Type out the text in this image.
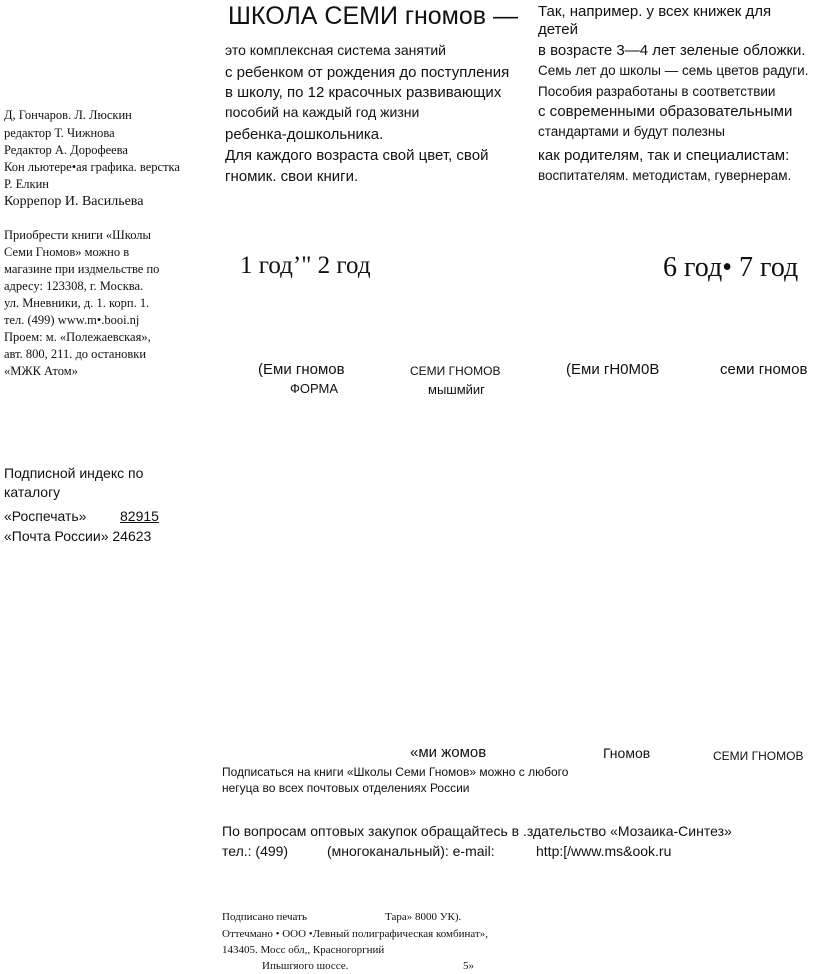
Д, Гончаров. Л. Люскин
редактор Т. Чижнова
Редактор А. Дорофеева
Кон льютере•ая графика. верстка
Р. Елкин
Коррепор И. Васильева
Приобрести книги «Школы
Семи Гномов» можно в
магазине при издмельстве по
адресу: 123308, г. Москва.
ул. Мневники, д. 1. корп. 1.
тел. (499) www.m•.booi.nj
Проем: м. «Полежаевская»,
авт. 800, 211. до остановки
«МЖК Атом»
ШКОЛА СЕМИ гномов —
это комплексная система занятий
с ребенком от рождения до поступления
в школу, по 12 красочных развивающих
пособий на каждый год жизни
ребенка-дошкольника.
Для каждого возраста свой цвет, свой
гномик. свои книги.
Так, например. у всех книжек для
детей
в возрасте 3—4 лет зеленые обложки.
Семь лет до школы — семь цветов радуги.
Пособия разработаны в соответствии
с современными образовательными
стандартами и будут полезны
как родителям, так и специалистам:
воспитателям. методистам, гувернерам.
1 год’" 2 год	6 год• 7 год
(Еми гномов
ФОРМА
СЕМИ ГНОМОВ
мышмйиг
(Еми гН0М0В	семи гномов
Подписной индекс по
каталогу
«Роспечать» 82915
«Почта России» 24623
«ми жомов	Гномов	СЕМИ ГНОМОВ
Подписаться на книги «Школы Семи Гномов» можно с любого
негуца во всех почтовых отделениях России
По вопросам оптовых закупок обращайтесь в .здательство «Мозаика-Синтез»
тел.: (499)	(многоканальный): e-mail:	http:[/www.ms&ook.ru
Подписано печать	Тара» 8000 УК).
Оттечмано • ООО •Левный полиграфическая комбинат»,
143405. Мосс обл,, Красногоргний
Ипьшгяого шоссе.	5»
